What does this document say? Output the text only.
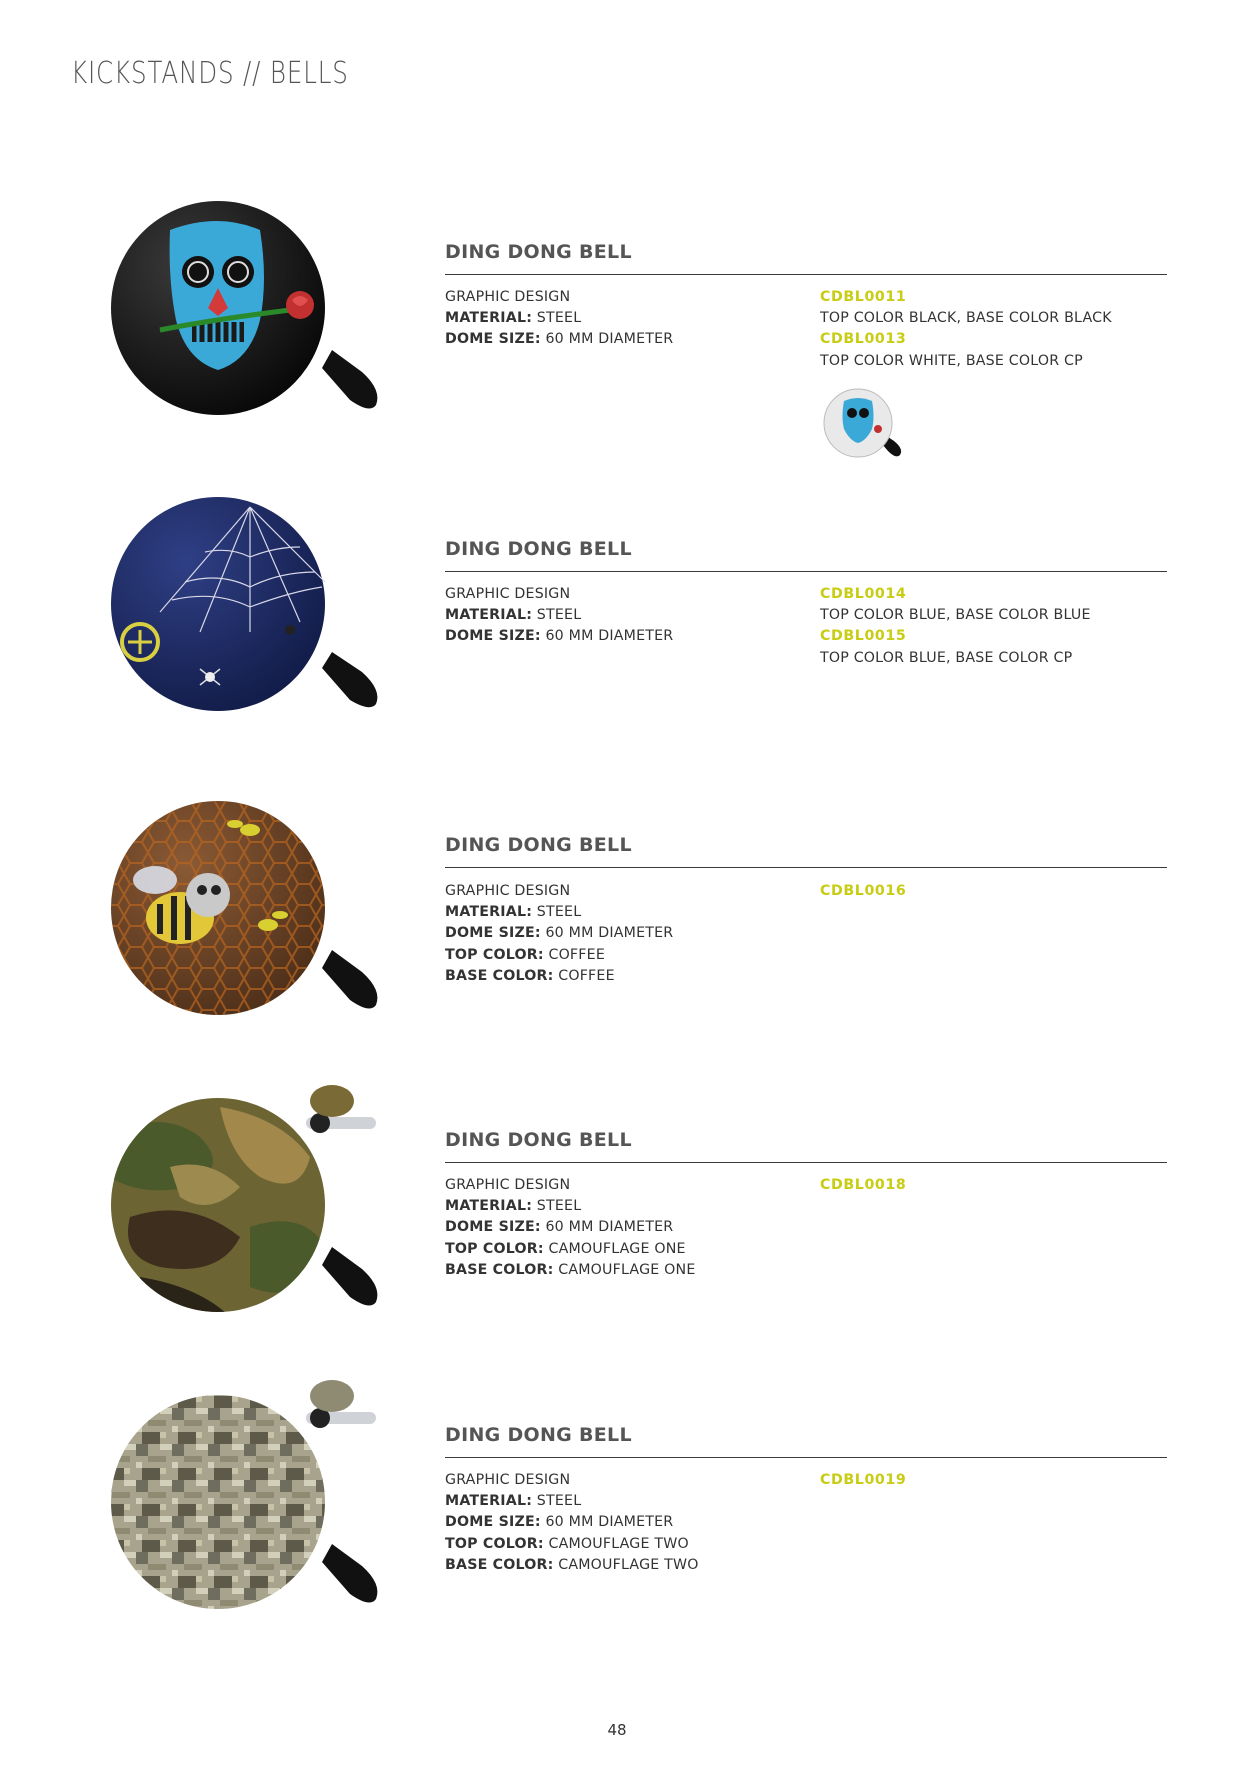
KICKSTANDS // BELLS
DING DONG BELL
GRAPHIC DESIGN
MATERIAL: STEEL
DOME SIZE: 60 MM DIAMETER
CDBL0011
TOP COLOR BLACK, BASE COLOR BLACK
CDBL0013
TOP COLOR WHITE, BASE COLOR CP
DING DONG BELL
GRAPHIC DESIGN
MATERIAL: STEEL
DOME SIZE: 60 MM DIAMETER
CDBL0014
TOP COLOR BLUE, BASE COLOR BLUE
CDBL0015
TOP COLOR BLUE, BASE COLOR CP
DING DONG BELL
GRAPHIC DESIGN
MATERIAL: STEEL
DOME SIZE: 60 MM DIAMETER
TOP COLOR: COFFEE
BASE COLOR: COFFEE
CDBL0016
DING DONG BELL
GRAPHIC DESIGN
MATERIAL: STEEL
DOME SIZE: 60 MM DIAMETER
TOP COLOR: CAMOUFLAGE ONE
BASE COLOR: CAMOUFLAGE ONE
CDBL0018
DING DONG BELL
GRAPHIC DESIGN
MATERIAL: STEEL
DOME SIZE: 60 MM DIAMETER
TOP COLOR: CAMOUFLAGE TWO
BASE COLOR: CAMOUFLAGE TWO
CDBL0019
48
